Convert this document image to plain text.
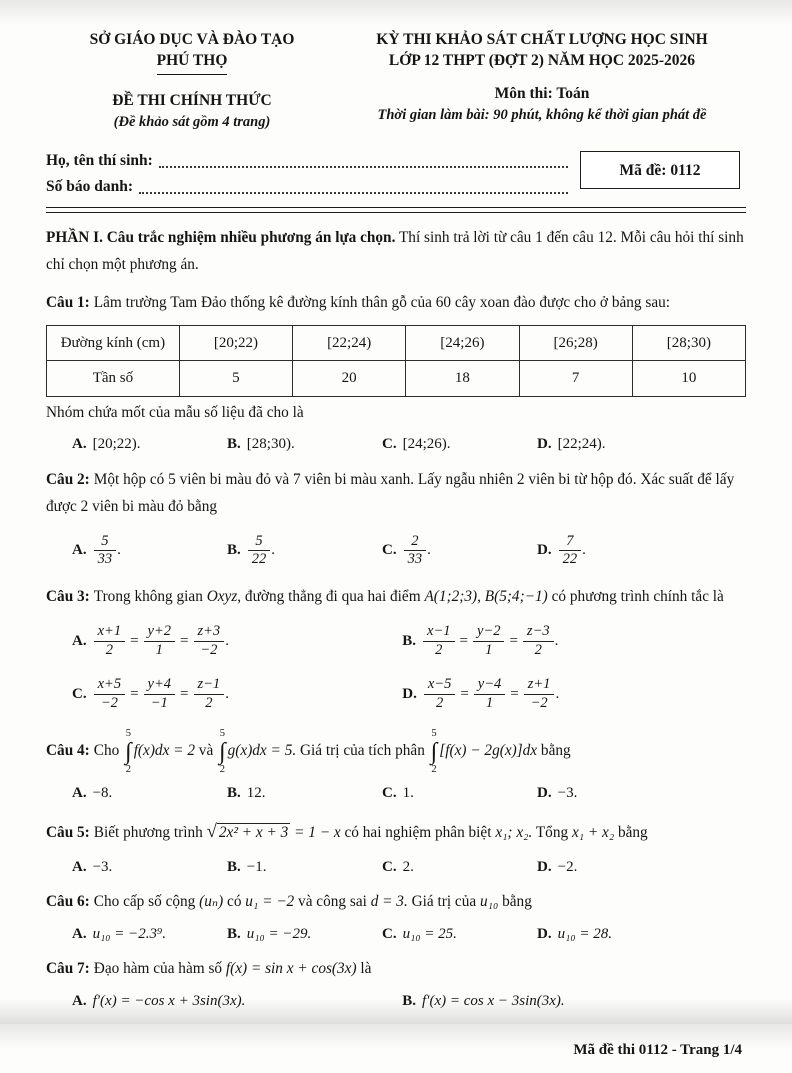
SỞ GIÁO DỤC VÀ ĐÀO TẠO
PHÚ THỌ
ĐỀ THI CHÍNH THỨC
(Đề khảo sát gồm 4 trang)
KỲ THI KHẢO SÁT CHẤT LƯỢNG HỌC SINH
LỚP 12 THPT (ĐỢT 2) NĂM HỌC 2025-2026
Môn thi: Toán
Thời gian làm bài: 90 phút, không kể thời gian phát đề
Họ, tên thí sinh:
Số báo danh:
Mã đề: 0112

PHẦN I. Câu trắc nghiệm nhiều phương án lựa chọn. Thí sinh trả lời từ câu 1 đến câu 12. Mỗi câu hỏi thí sinh chỉ chọn một phương án.

Câu 1: Lâm trường Tam Đảo thống kê đường kính thân gỗ của 60 cây xoan đào được cho ở bảng sau:

Đường kính (cm)	[20;22)	[22;24)	[24;26)	[26;28)	[28;30)
Tần số	5	20	18	7	10

Nhóm chứa mốt của mẫu số liệu đã cho là

A. [20;22).	B. [28;30).	C. [24;26).	D. [22;24).

Câu 2: Một hộp có 5 viên bi màu đỏ và 7 viên bi màu xanh. Lấy ngẫu nhiên 2 viên bi từ hộp đó. Xác suất để lấy được 2 viên bi màu đỏ bằng

A. $\frac{5}{33}$ .	B. $\frac{5}{22}$ .	C. $\frac{2}{33}$ .	D. $\frac{7}{22}$ .

Câu 3: Trong không gian Oxyz, đường thẳng đi qua hai điểm A(1;2;3), B(5;4;−1) có phương trình chính tắc là

A. $\frac{x+1}{2} = \frac{y+2}{1} = \frac{z+3}{-2}$ .	B. $\frac{x-1}{2} = \frac{y-2}{1} = \frac{z-3}{2}$ .
C. $\frac{x+5}{-2} = \frac{y+4}{-1} = \frac{z-1}{2}$ .	D. $\frac{x-5}{2} = \frac{y-4}{1} = \frac{z+1}{-2}$ .

Câu 4: Cho
5
∫
2
f(x)dx = 2 và
5
∫
2
g(x)dx = 5. Giá trị của tích phân
5
∫
2
[f(x) − 2g(x)]dx bằng

A. −8.	B. 12.	C. 1.	D. −3.

Câu 5: Biết phương trình √ 2x² + x + 3 = 1 − x có hai nghiệm phân biệt x₁; x₂. Tổng x₁ + x₂ bằng

A. −3.	B. −1.	C. 2.	D. −2.

Câu 6: Cho cấp số cộng (uₙ) có u₁ = −2 và công sai d = 3. Giá trị của u₁₀ bằng

A. u₁₀ = −2.3⁹.	B. u₁₀ = −29.	C. u₁₀ = 25.	D. u₁₀ = 28.

Câu 7: Đạo hàm của hàm số f(x) = sin x + cos(3x) là

A. f′(x) = −cos x + 3sin(3x).	B. f′(x) = cos x − 3sin(3x).
Mã đề thi 0112 - Trang 1/4
